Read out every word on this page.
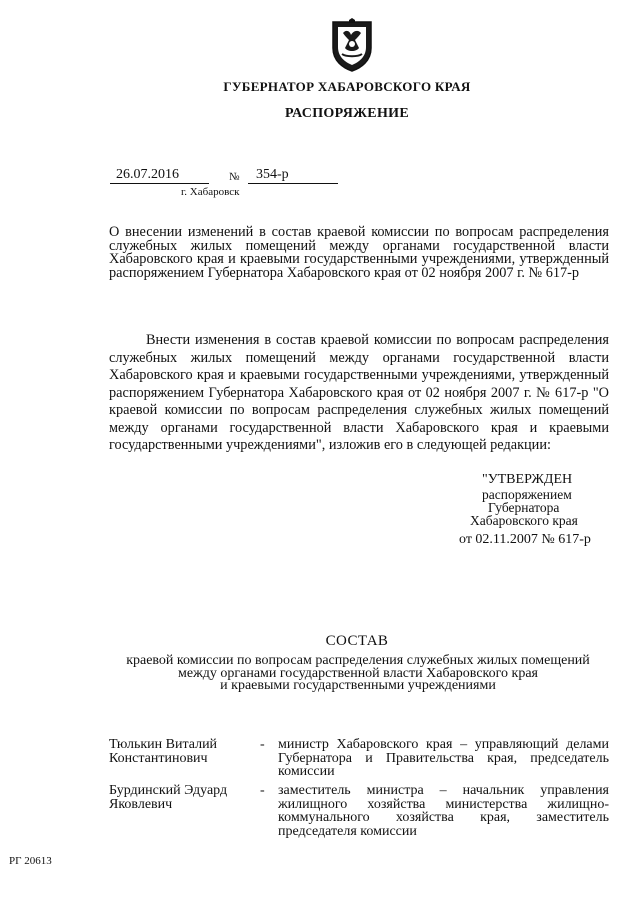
ГУБЕРНАТОР ХАБАРОВСКОГО КРАЯ
РАСПОРЯЖЕНИЕ
26.07.2016	№	354-р
г. Хабаровск
О внесении изменений в состав краевой комиссии по вопросам распределения служебных жилых помещений между органами государственной власти Хабаровского края и краевыми государственными учреждениями, утвержденный распоряжением Губернатора Хабаровского края от 02 ноября 2007 г. № 617-р
Внести изменения в состав краевой комиссии по вопросам распределения служебных жилых помещений между органами государственной власти Хабаровского края и краевыми государственными учреждениями, утвержденный распоряжением Губернатора Хабаровского края от 02 ноября 2007 г. № 617-р "О краевой комиссии по вопросам распределения служебных жилых помещений между органами государственной власти Хабаровского края и краевыми государственными учреждениями", изложив его в следующей редакции:
"УТВЕРЖДЕН
распоряжением
Губернатора
Хабаровского края
от 02.11.2007 № 617-р
СОСТАВ
краевой комиссии по вопросам распределения служебных жилых помещений
между органами государственной власти Хабаровского края
и краевыми государственными учреждениями
Тюлькин Виталий
Константинович
- министр Хабаровского края – управляющий делами Губернатора и Правительства края, председатель комиссии
Бурдинский Эдуард
Яковлевич
- заместитель министра – начальник управления жилищного хозяйства министерства жилищно-коммунального хозяйства края, заместитель председателя комиссии
РГ 20613
